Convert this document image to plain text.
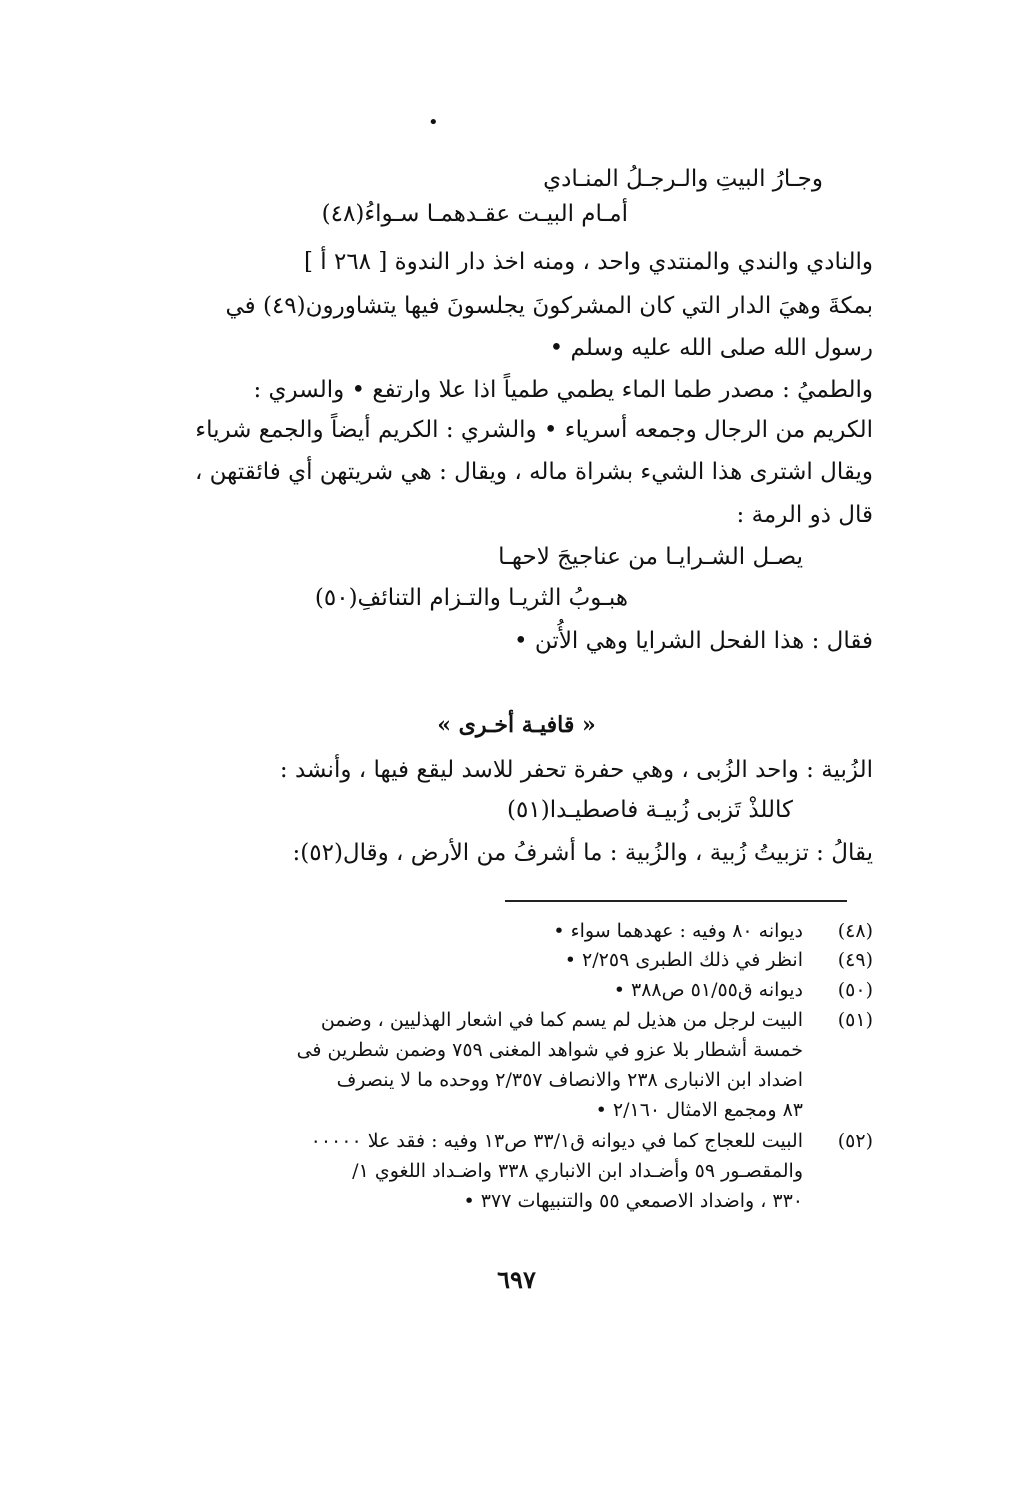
•
وجـارُ البيتِ والـرجـلُ المنـادي
أمـام البيـت عقـدهمـا سـواءُ(٤٨)
والنادي والندي والمنتدي واحد ، ومنه اخذ دار الندوة [ ٢٦٨ أ ]
بمكةَ وهيَ الدار التي كان المشركونَ يجلسونَ فيها يتشاورون(٤٩) في
رسول الله صلى الله عليه وسلم •
والطميُ : مصدر طما الماء يطمي طمياً اذا علا وارتفع • والسري :
الكريم من الرجال وجمعه أسرياء • والشري : الكريم أيضاً والجمع شرياء
ويقال اشترى هذا الشيء بشراة ماله ، ويقال : هي شريتهن أي فائقتهن ،
قال ذو الرمة :
يصـل الشـرايـا من عناجيجَ لاحهـا
هبـوبُ الثريـا والتـزام التنائفِ(٥٠)
فقال : هذا الفحل الشرايا وهي الأُتن •
« قافيـة أخـرى »
الزُبية : واحد الزُبى ، وهي حفرة تحفر للاسد ليقع فيها ، وأنشد :
كاللذْ تَزبى زُبيـة فاصطيـدا(٥١)
يقالُ : تزبيتُ زُبية ، والزُبية : ما أشرفُ من الأرض ، وقال(٥٢):
(٤٨)
ديوانه ٨٠ وفيه : عهدهما سواء •
(٤٩)
انظر في ذلك الطبرى ٢/٢٥٩ •
(٥٠)
ديوانه ق٥١/٥٥ ص٣٨٨ •
(٥١)
البيت لرجل من هذيل لم يسم كما في اشعار الهذليين ، وضمن
خمسة أشطار بلا عزو في شواهد المغنى ٧٥٩ وضمن شطرين فى
اضداد ابن الانبارى ٢٣٨ والانصاف ٢/٣٥٧ ووحده ما لا ينصرف
٨٣ ومجمع الامثال ٢/١٦٠ •
(٥٢)
البيت للعجاج كما في ديوانه ق٣٣/١ ص١٣ وفيه : فقد علا ٠٠٠٠٠
والمقصـور ٥٩ وأضـداد ابن الانباري ٣٣٨ واضـداد اللغوي ١/
٣٣٠ ، واضداد الاصمعي ٥٥ والتنبيهات ٣٧٧ •
٦٩٧
